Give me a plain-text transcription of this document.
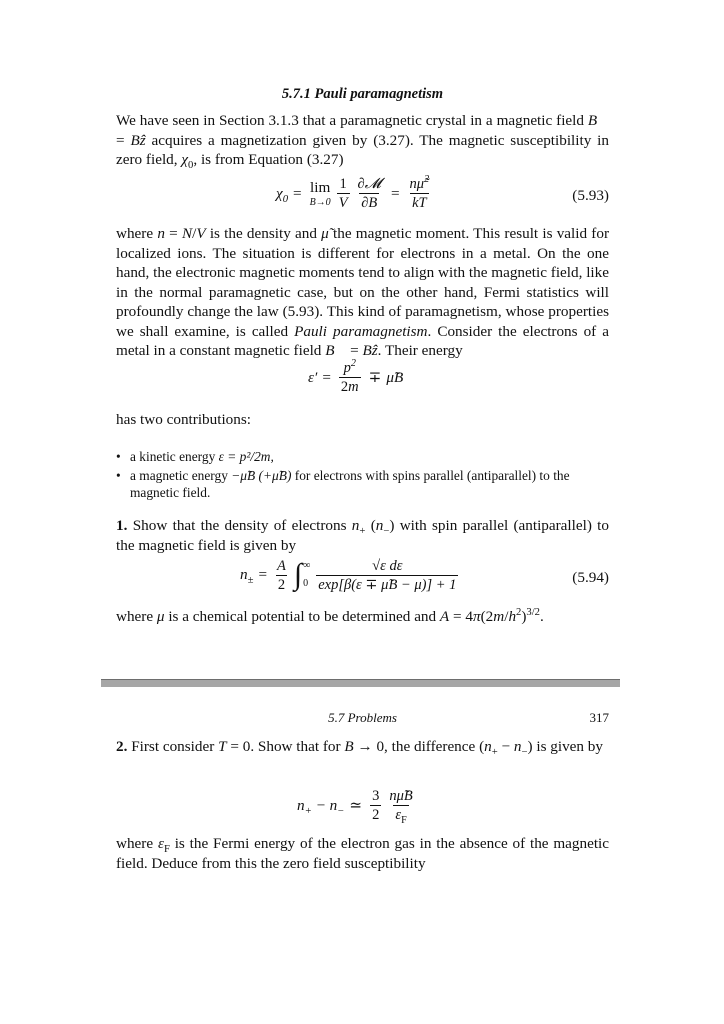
5.7.1 Pauli paramagnetism

We have seen in Section 3.1.3 that a paramagnetic crystal in a magnetic field B⃗ = Bẑ acquires a magnetization given by (3.27). The magnetic susceptibility in zero field, $\chi_0$, is from Equation (3.27)

$\chi_0 = \lim$
$B\to 0 \frac{1}{V} \frac{\text{∂𝓜}}{\partial B} = \frac{n\mũ^2}{kT}$	(5.93)

where n = N/V is the density and μ̃ the magnetic moment. This result is valid for localized ions. The situation is different for electrons in a metal. On the one hand, the electronic magnetic moments tend to align with the magnetic field, like in the normal paramagnetic case, but on the other hand, Fermi statistics will profoundly change the law (5.93). This kind of paramagnetism, whose properties we shall examine, is called Pauli paramagnetism. Consider the electrons of a metal in a constant magnetic field B⃗ = Bẑ. Their energy

$\varepsilon' = \frac{p^2}{2m}$ ∓ μ̃B

has two contributions:

• a kinetic energy ε = p²/2m,
• a magnetic energy −μ̃B (+μ̃B) for electrons with spins parallel (antiparallel) to the magnetic field.

1. Show that the density of electrons $n_+$ $(n_-)$ with spin parallel (antiparallel) to the magnetic field is given by

$n_\pm = \frac{A}{2}$ ∫ ∞
$0 \frac{\text{√ε dε}}{\exp[\beta(\varepsilon \mp \mũB - \mu)] + 1}$	(5.94)

where μ is a chemical potential to be determined and $A = 4\pi(2m/h^2)^{3/2}$.

5.7 Problems	317

2. First consider T = 0. Show that for B → 0, the difference $(n_+ - n_-)$ is given by

$n_+ - n_-$ ≃ $\frac{3}{2} \frac{n\mũB}{\varepsilon_F}$

where $\varepsilon_F$ is the Fermi energy of the electron gas in the absence of the magnetic field. Deduce from this the zero field susceptibility
